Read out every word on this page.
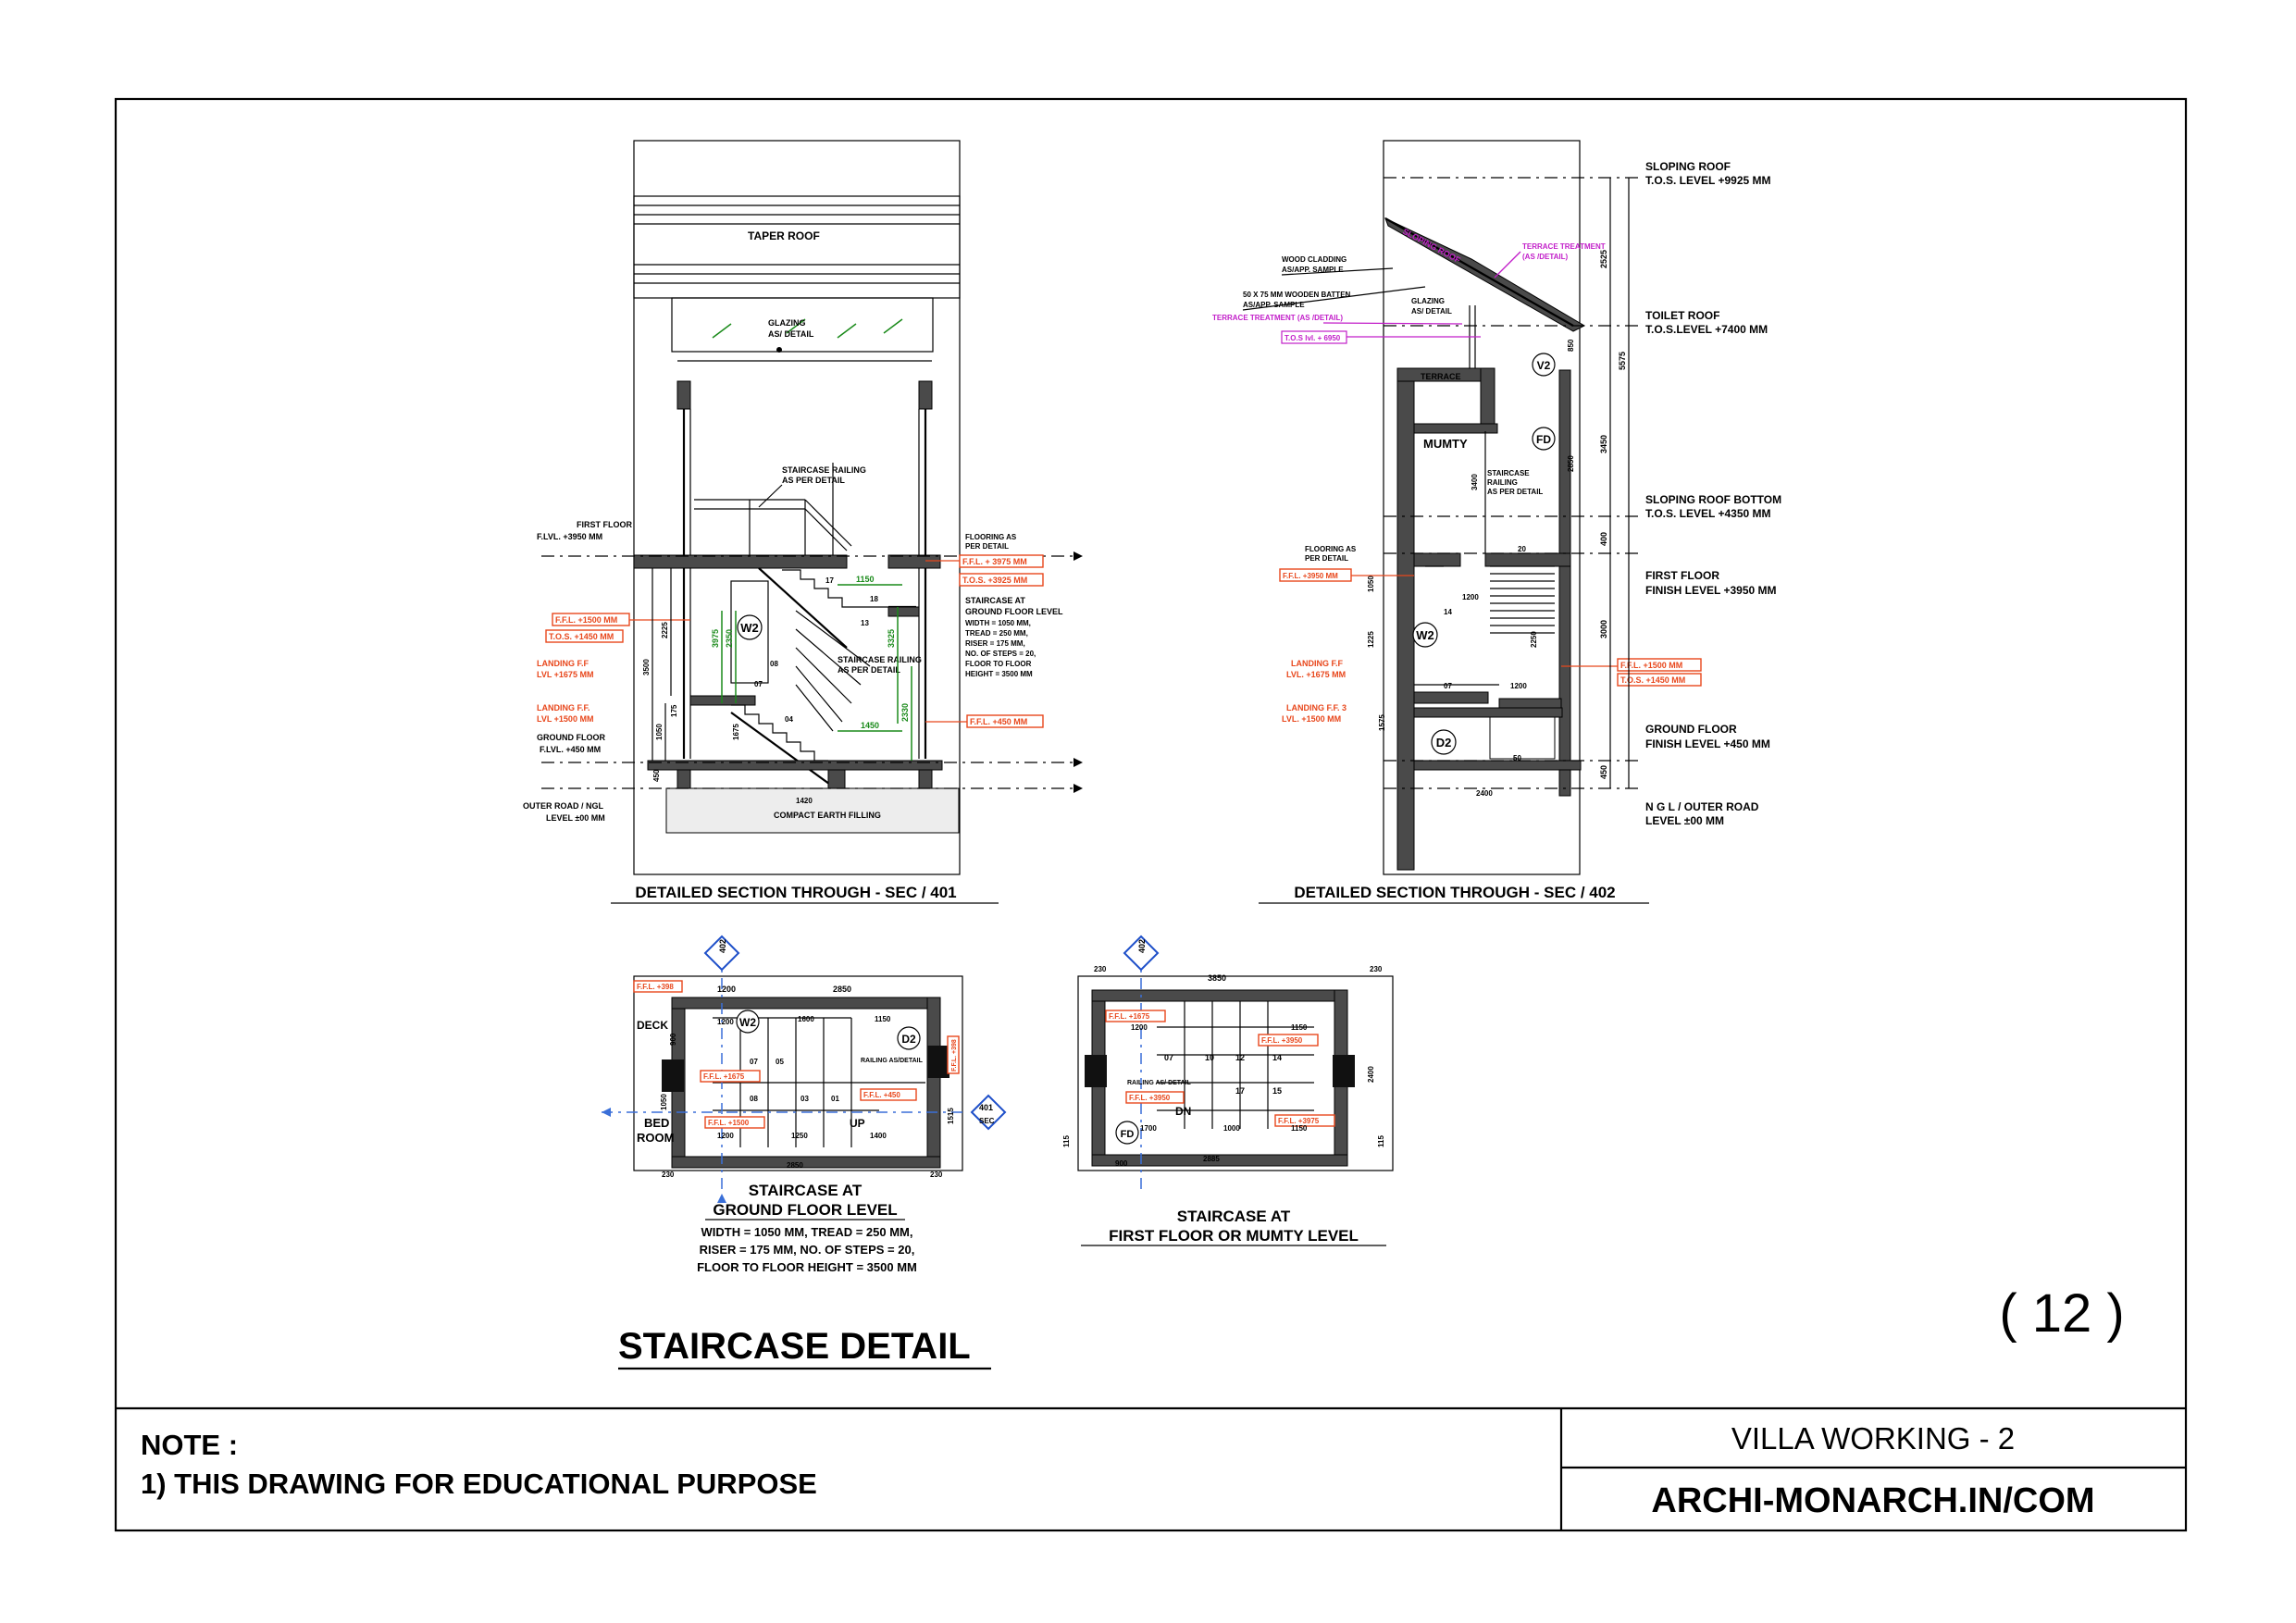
( 12 )
STAIRCASE DETAIL
NOTE :
1) THIS DRAWING FOR EDUCATIONAL PURPOSE
VILLA WORKING - 2
ARCHI-MONARCH.IN/COM
TAPER ROOF
GLAZING
AS/ DETAIL
STAIRCASE RAILING
AS PER DETAIL
STAIRCASE RAILING
AS PER DETAIL
W2
COMPACT EARTH FILLING
FIRST FLOOR
F.LVL. +3950 MM
GROUND FLOOR
F.LVL. +450 MM
OUTER ROAD / NGL
LEVEL ±00 MM
LANDING F.F
LVL +1675 MM
LANDING F.F.
LVL +1500 MM
F.F.L. +1500 MM
T.O.S. +1450 MM
F.F.L. + 3975 MM
T.O.S. +3925 MM
F.F.L. +450 MM
FLOORING AS
PER DETAIL
STAIRCASE AT
GROUND FLOOR LEVEL
WIDTH = 1050 MM,
TREAD = 250 MM,
RISER = 175 MM,
NO. OF STEPS = 20,
FLOOR TO FLOOR
HEIGHT = 3500 MM
1150
1450
3975 2350	3325
2330
3500
2225
1050
175
1675
450
1420
17
18
13
07
04
08
DETAILED SECTION THROUGH - SEC / 401
V2
FD
W2
D2
MUMTY
TERRACE
SLOPING ROOF	TERRACE TREATMENT
(AS /DETAIL)
WOOD CLADDING
AS/APP. SAMPLE
50 X 75 MM WOODEN BATTEN
AS/APP. SAMPLE
TERRACE TREATMENT (AS /DETAIL)
T.O.S lvl. + 6950
GLAZING
AS/ DETAIL
STAIRCASE
RAILING
AS PER DETAIL
FLOORING AS
PER DETAIL
F.F.L. +3950 MM
LANDING F.F
LVL. +1675 MM
LANDING F.F. 3
LVL. +1500 MM
F.F.L. +1500 MM
T.O.S. +1450 MM
2525
5575
3450
400
3000
450
SLOPING ROOF
T.O.S. LEVEL +9925 MM
TOILET ROOF
T.O.S.LEVEL +7400 MM
SLOPING ROOF BOTTOM
T.O.S. LEVEL +4350 MM
FIRST FLOOR
FINISH LEVEL +3950 MM
GROUND FLOOR
FINISH LEVEL +450 MM
N G L / OUTER ROAD
LEVEL ±00 MM
2400
1200
14
20
07	1200
50
1225
1050
1575
3400
2250
850
2850
DETAILED SECTION THROUGH - SEC / 402
402
401
SEC
DECK
BED
ROOM
UP
RAILING AS/DETAIL
W2
D2
F.F.L. +398
F.F.L. +1675
F.F.L. +450
F.F.L. +1500
F.F.L. +398
1200	2850
1200	1600	1150
1200	1250	1400
2850
230	230
1050
1515
900
07
08	03	01
05
STAIRCASE AT
GROUND FLOOR LEVEL
WIDTH = 1050 MM, TREAD = 250 MM,
RISER = 175 MM, NO. OF STEPS = 20,
FLOOR TO FLOOR HEIGHT = 3500 MM
402
DN
RAILING AS/ DETAIL
FD
F.F.L. +1675
F.F.L. +3950
F.F.L. +3950
F.F.L. +3975
3850
1150
1200
1700	1000	1150
2885
230	230
900
115	115
2400
07	10	12	14
17	15
STAIRCASE AT
FIRST FLOOR OR MUMTY LEVEL
